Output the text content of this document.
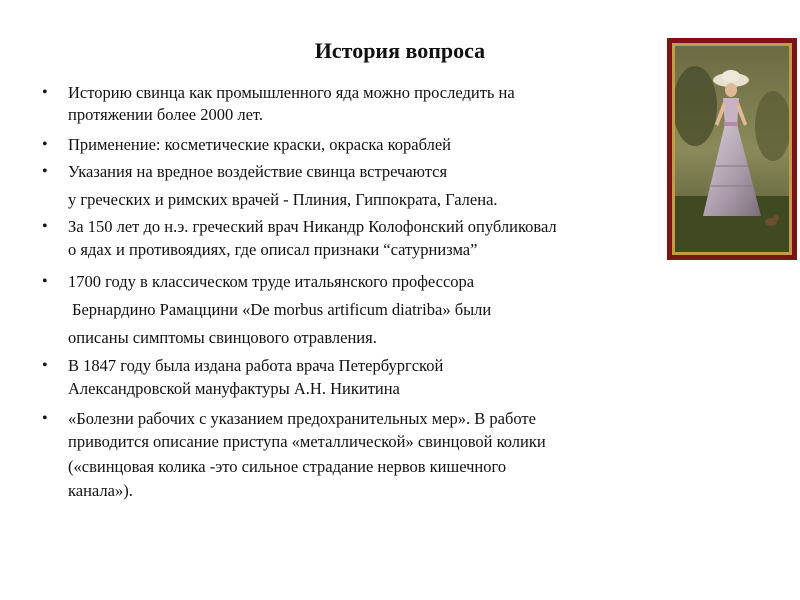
История вопроса
•
•
•
•
•
•
•
Историю свинца как промышленного яда можно проследить на
протяжении более 2000 лет.
Применение: косметические краски, окраска кораблей
Указания на вредное воздействие свинца встречаются
у греческих и римских врачей - Плиния, Гиппократа, Галена.
За 150 лет до н.э. греческий врач Никандр Колофонский опубликовал
о ядах и противоядиях, где описал признаки “сатурнизма”
1700 году в классическом труде итальянского профессора
Бернардино Рамаццини «De morbus artificum diatriba» были
описаны симптомы свинцового отравления.
В 1847 году была издана работа врача Петербургской
Александровской мануфактуры А.Н. Никитина
«Болезни рабочих с указанием предохранительных мер». В работе
приводится описание приступа «металлической» свинцовой колики
(«свинцовая колика -это сильное страдание нервов кишечного
канала»).
